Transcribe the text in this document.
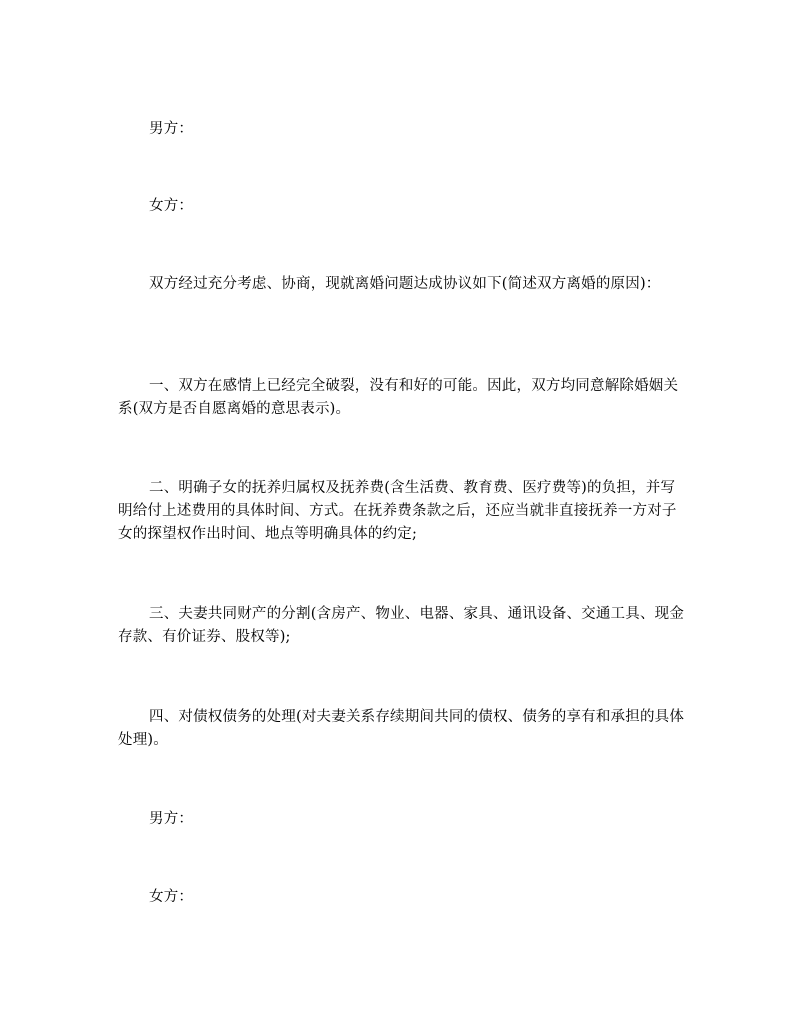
男方：

女方：

双方经过充分考虑、协商，现就离婚问题达成协议如下(简述双方离婚的原因)：

一、双方在感情上已经完全破裂，没有和好的可能。因此，双方均同意解除婚姻关系(双方是否自愿离婚的意思表示)。

二、明确子女的抚养归属权及抚养费(含生活费、教育费、医疗费等)的负担，并写明给付上述费用的具体时间、方式。在抚养费条款之后，还应当就非直接抚养一方对子女的探望权作出时间、地点等明确具体的约定;

三、夫妻共同财产的分割(含房产、物业、电器、家具、通讯设备、交通工具、现金存款、有价证券、股权等);

四、对债权债务的处理(对夫妻关系存续期间共同的债权、债务的享有和承担的具体处理)。

男方：

女方：
